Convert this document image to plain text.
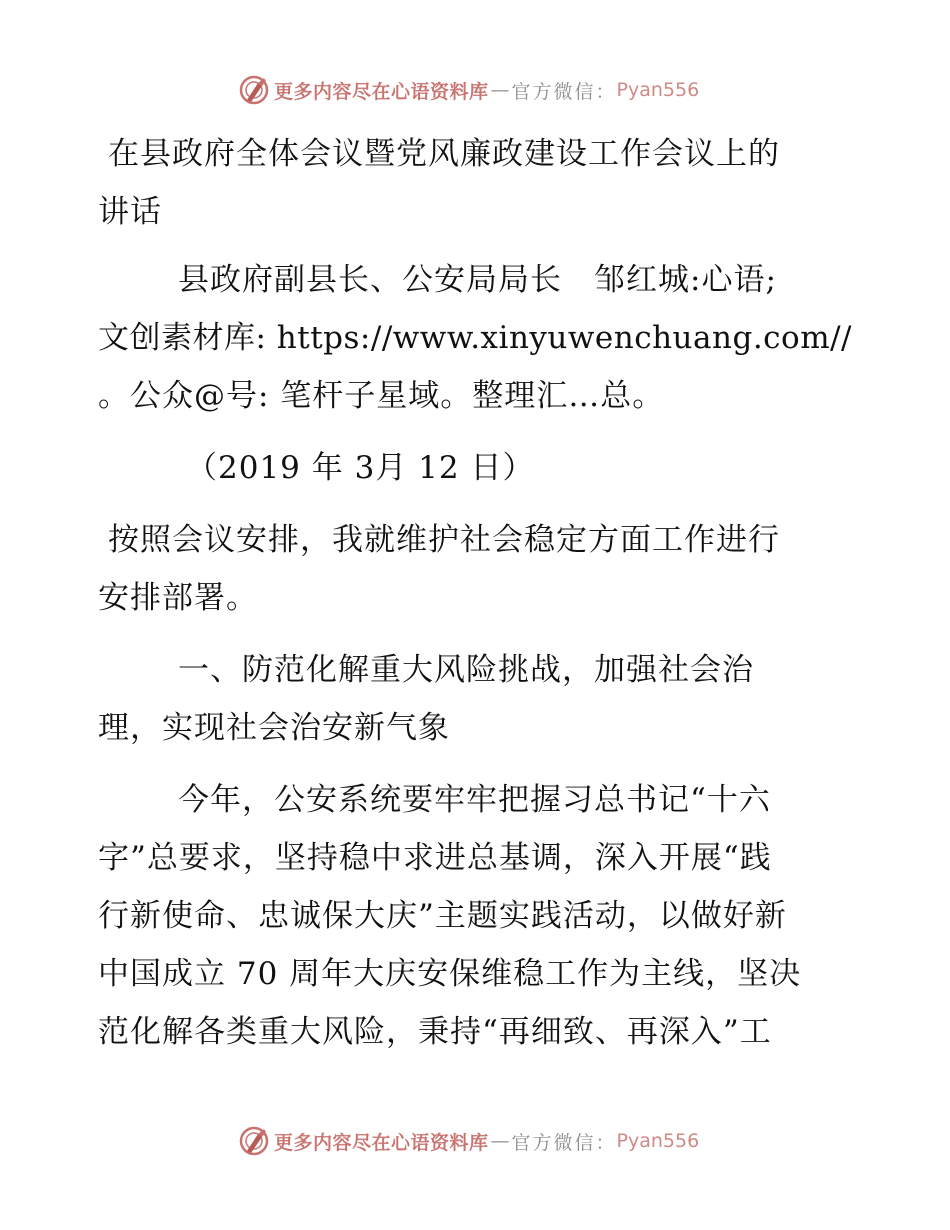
更多内容尽在心语资料库 — 官方微信： Pyan556
在县政府全体会议暨党风廉政建设工作会议上的
讲话
县政府副县长、公安局局长　邹红城:心语;
文创素材库: https://www.xinyuwenchuang.com//
。公众@号: 笔杆子星域。整理汇…总。
（2019 年 3月 12 日）
按照会议安排，我就维护社会稳定方面工作进行
安排部署。
一、防范化解重大风险挑战，加强社会治
理，实现社会治安新气象
今年，公安系统要牢牢把握习总书记“十六
字”总要求，坚持稳中求进总基调，深入开展“践
行新使命、忠诚保大庆”主题实践活动，以做好新
中国成立 70 周年大庆安保维稳工作为主线，坚决
范化解各类重大风险，秉持“再细致、再深入”工
更多内容尽在心语资料库 — 官方微信： Pyan556
